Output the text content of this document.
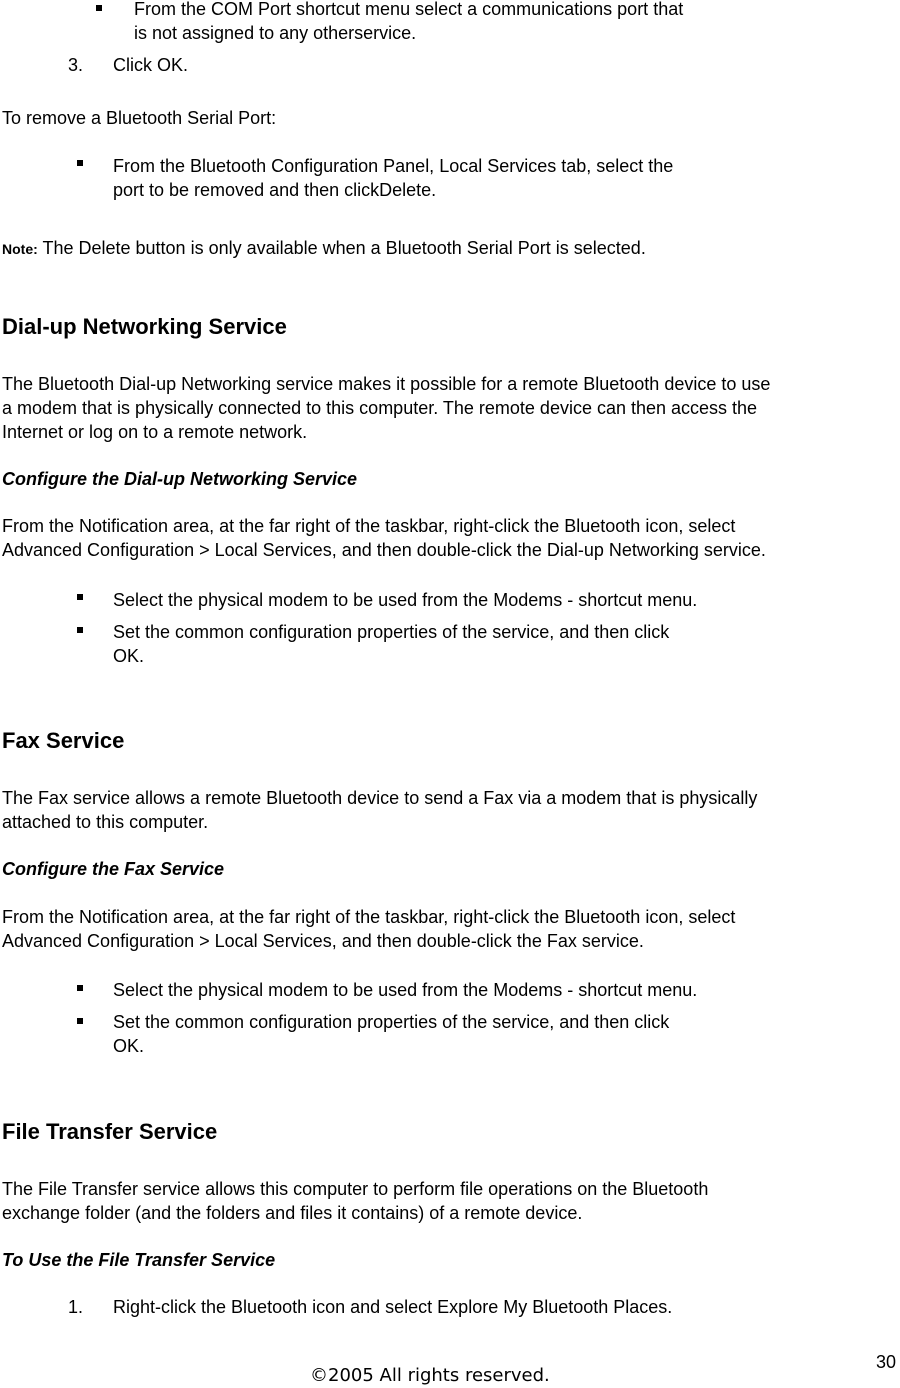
From the COM Port shortcut menu select a communications port that
is not assigned to any otherservice.
3. Click OK.
To remove a Bluetooth Serial Port:
From the Bluetooth Configuration Panel, Local Services tab, select the
port to be removed and then clickDelete.
Note: The Delete button is only available when a Bluetooth Serial Port is selected.
Dial-up Networking Service
The Bluetooth Dial-up Networking service makes it possible for a remote Bluetooth device to use
a modem that is physically connected to this computer. The remote device can then access the
Internet or log on to a remote network.
Configure the Dial-up Networking Service
From the Notification area, at the far right of the taskbar, right-click the Bluetooth icon, select
Advanced Configuration > Local Services, and then double-click the Dial-up Networking service.
Select the physical modem to be used from the Modems - shortcut menu.
Set the common configuration properties of the service, and then click
OK.
Fax Service
The Fax service allows a remote Bluetooth device to send a Fax via a modem that is physically
attached to this computer.
Configure the Fax Service
From the Notification area, at the far right of the taskbar, right-click the Bluetooth icon, select
Advanced Configuration > Local Services, and then double-click the Fax service.
Select the physical modem to be used from the Modems - shortcut menu.
Set the common configuration properties of the service, and then click
OK.
File Transfer Service
The File Transfer service allows this computer to perform file operations on the Bluetooth
exchange folder (and the folders and files it contains) of a remote device.
To Use the File Transfer Service
1. Right-click the Bluetooth icon and select Explore My Bluetooth Places.
©2005 All rights reserved.
30
